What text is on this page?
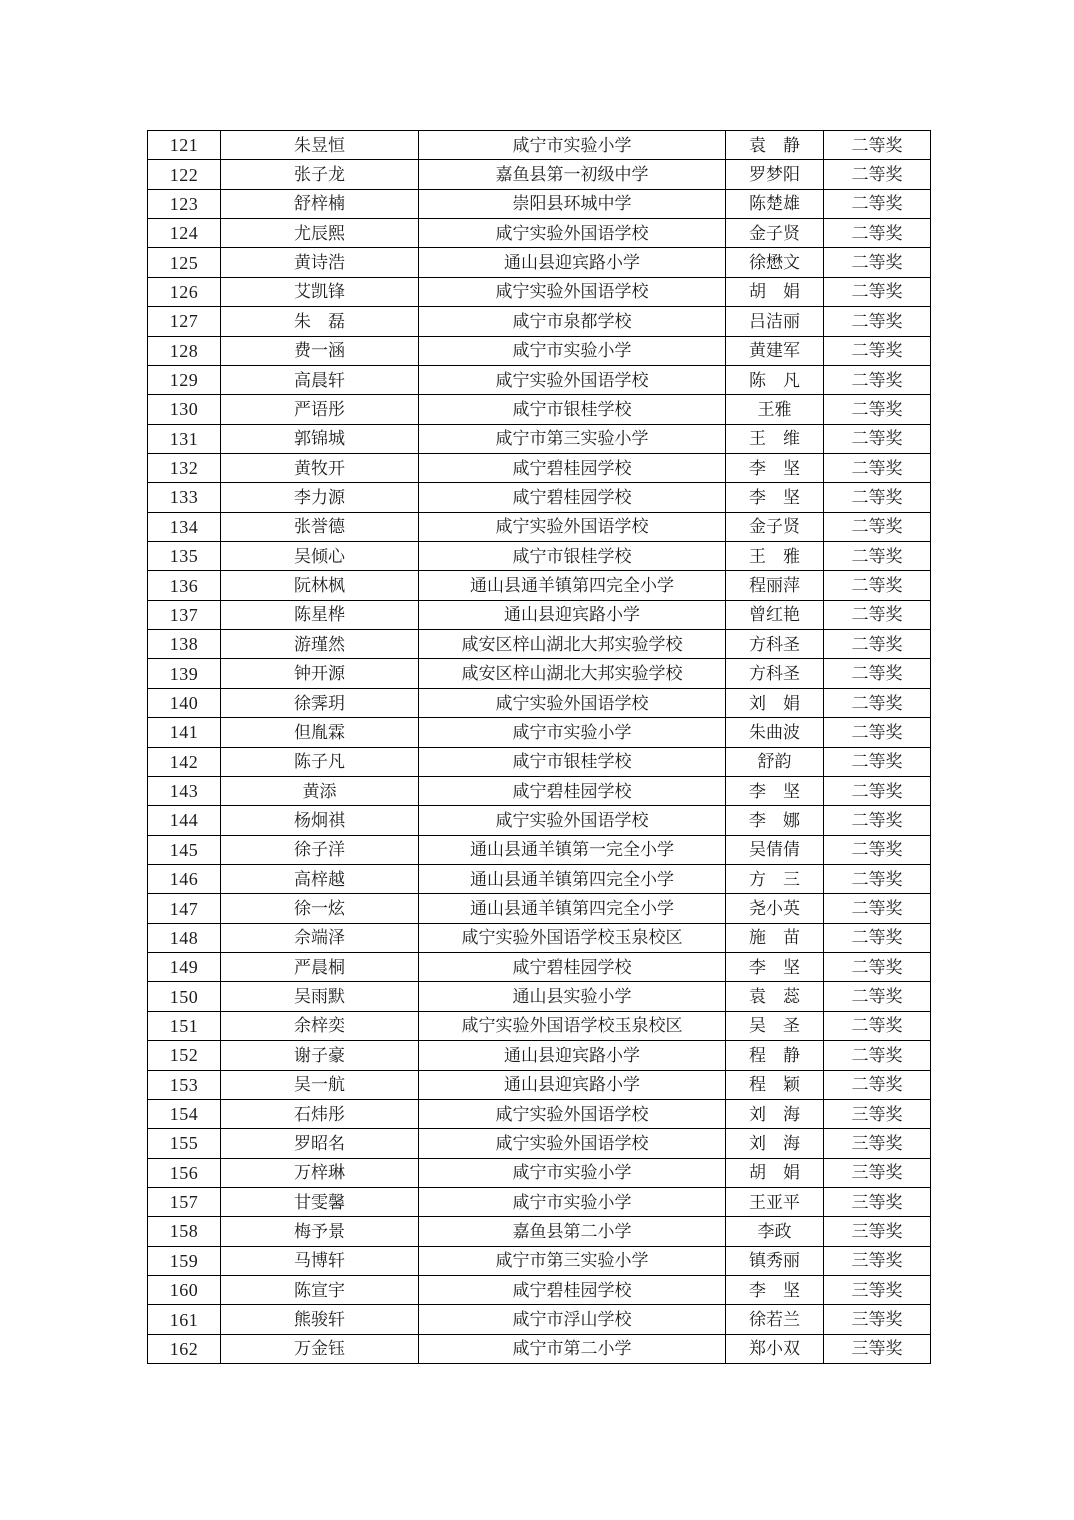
121	朱昱恒	咸宁市实验小学	袁　静	二等奖
122	张子龙	嘉鱼县第一初级中学	罗梦阳	二等奖
123	舒梓楠	崇阳县环城中学	陈楚雄	二等奖
124	尤辰熙	咸宁实验外国语学校	金子贤	二等奖
125	黄诗浩	通山县迎宾路小学	徐懋文	二等奖
126	艾凯锋	咸宁实验外国语学校	胡　娟	二等奖
127	朱　磊	咸宁市泉都学校	吕洁丽	二等奖
128	费一涵	咸宁市实验小学	黄建军	二等奖
129	高晨轩	咸宁实验外国语学校	陈　凡	二等奖
130	严语彤	咸宁市银桂学校	王雅	二等奖
131	郭锦城	咸宁市第三实验小学	王　维	二等奖
132	黄牧开	咸宁碧桂园学校	李　坚	二等奖
133	李力源	咸宁碧桂园学校	李　坚	二等奖
134	张誉德	咸宁实验外国语学校	金子贤	二等奖
135	吴倾心	咸宁市银桂学校	王　雅	二等奖
136	阮林枫	通山县通羊镇第四完全小学	程丽萍	二等奖
137	陈星桦	通山县迎宾路小学	曾红艳	二等奖
138	游瑾然	咸安区梓山湖北大邦实验学校	方科圣	二等奖
139	钟开源	咸安区梓山湖北大邦实验学校	方科圣	二等奖
140	徐霁玥	咸宁实验外国语学校	刘　娟	二等奖
141	但胤霖	咸宁市实验小学	朱曲波	二等奖
142	陈子凡	咸宁市银桂学校	舒韵	二等奖
143	黄添	咸宁碧桂园学校	李　坚	二等奖
144	杨炯祺	咸宁实验外国语学校	李　娜	二等奖
145	徐子洋	通山县通羊镇第一完全小学	吴倩倩	二等奖
146	高梓越	通山县通羊镇第四完全小学	方　三	二等奖
147	徐一炫	通山县通羊镇第四完全小学	尧小英	二等奖
148	佘端泽	咸宁实验外国语学校玉泉校区	施　苗	二等奖
149	严晨桐	咸宁碧桂园学校	李　坚	二等奖
150	吴雨默	通山县实验小学	袁　蕊	二等奖
151	余梓奕	咸宁实验外国语学校玉泉校区	吴　圣	二等奖
152	谢子豪	通山县迎宾路小学	程　静	二等奖
153	吴一航	通山县迎宾路小学	程　颖	二等奖
154	石炜彤	咸宁实验外国语学校	刘　海	三等奖
155	罗昭名	咸宁实验外国语学校	刘　海	三等奖
156	万梓琳	咸宁市实验小学	胡　娟	三等奖
157	甘雯馨	咸宁市实验小学	王亚平	三等奖
158	梅予景	嘉鱼县第二小学	李政	三等奖
159	马博轩	咸宁市第三实验小学	镇秀丽	三等奖
160	陈宣宇	咸宁碧桂园学校	李　坚	三等奖
161	熊骏轩	咸宁市浮山学校	徐若兰	三等奖
162	万金钰	咸宁市第二小学	郑小双	三等奖
